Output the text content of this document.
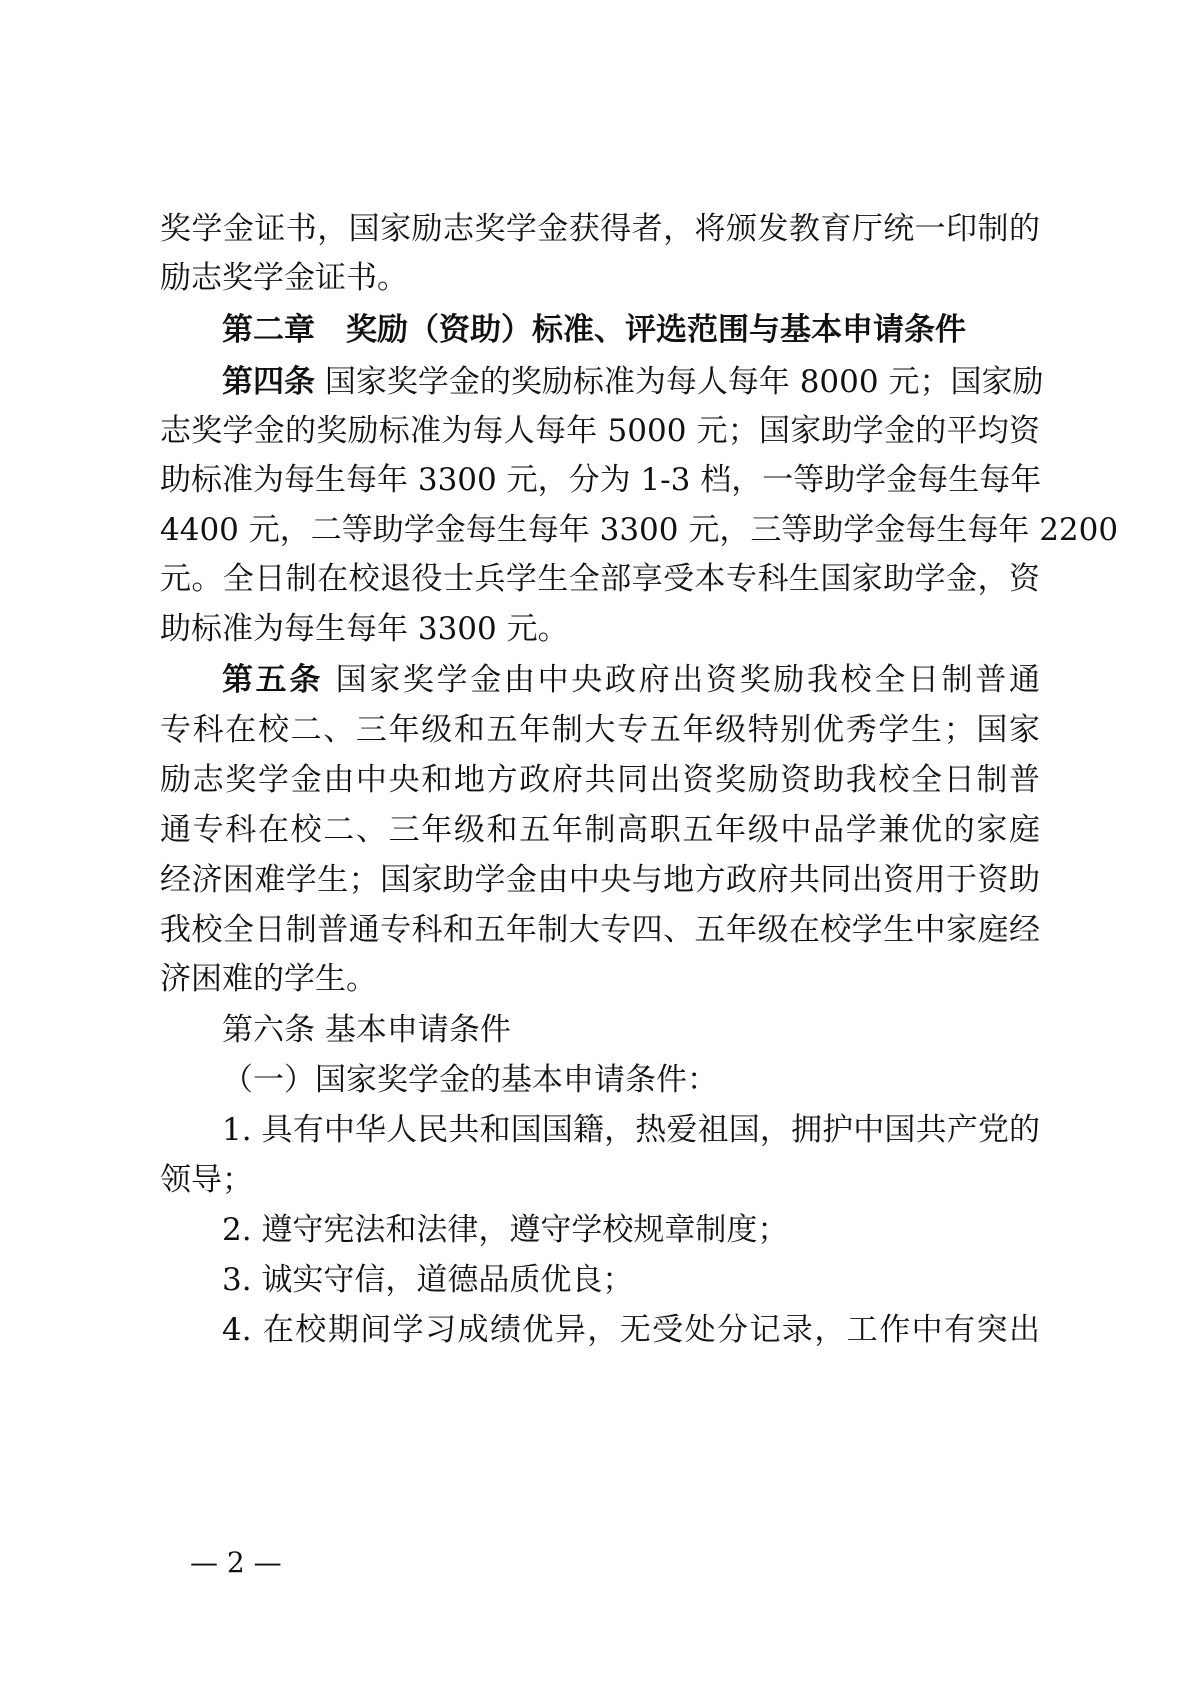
奖学金证书，国家励志奖学金获得者，将颁发教育厅统一印制的
励志奖学金证书。
第二章　奖励（资助）标准、评选范围与基本申请条件
第四条 国家奖学金的奖励标准为每人每年 8000 元；国家励
志奖学金的奖励标准为每人每年 5000 元；国家助学金的平均资
助标准为每生每年 3300 元，分为 1-3 档，一等助学金每生每年
4400 元，二等助学金每生每年 3300 元，三等助学金每生每年 2200
元。全日制在校退役士兵学生全部享受本专科生国家助学金，资
助标准为每生每年 3300 元。
第五条 国家奖学金由中央政府出资奖励我校全日制普通
专科在校二、三年级和五年制大专五年级特别优秀学生；国家
励志奖学金由中央和地方政府共同出资奖励资助我校全日制普
通专科在校二、三年级和五年制高职五年级中品学兼优的家庭
经济困难学生；国家助学金由中央与地方政府共同出资用于资助
我校全日制普通专科和五年制大专四、五年级在校学生中家庭经
济困难的学生。
第六条 基本申请条件
（一）国家奖学金的基本申请条件：
1. 具有中华人民共和国国籍，热爱祖国，拥护中国共产党的
领导；
2. 遵守宪法和法律，遵守学校规章制度；
3. 诚实守信，道德品质优良；
4. 在校期间学习成绩优异，无受处分记录，工作中有突出
— 2 —
